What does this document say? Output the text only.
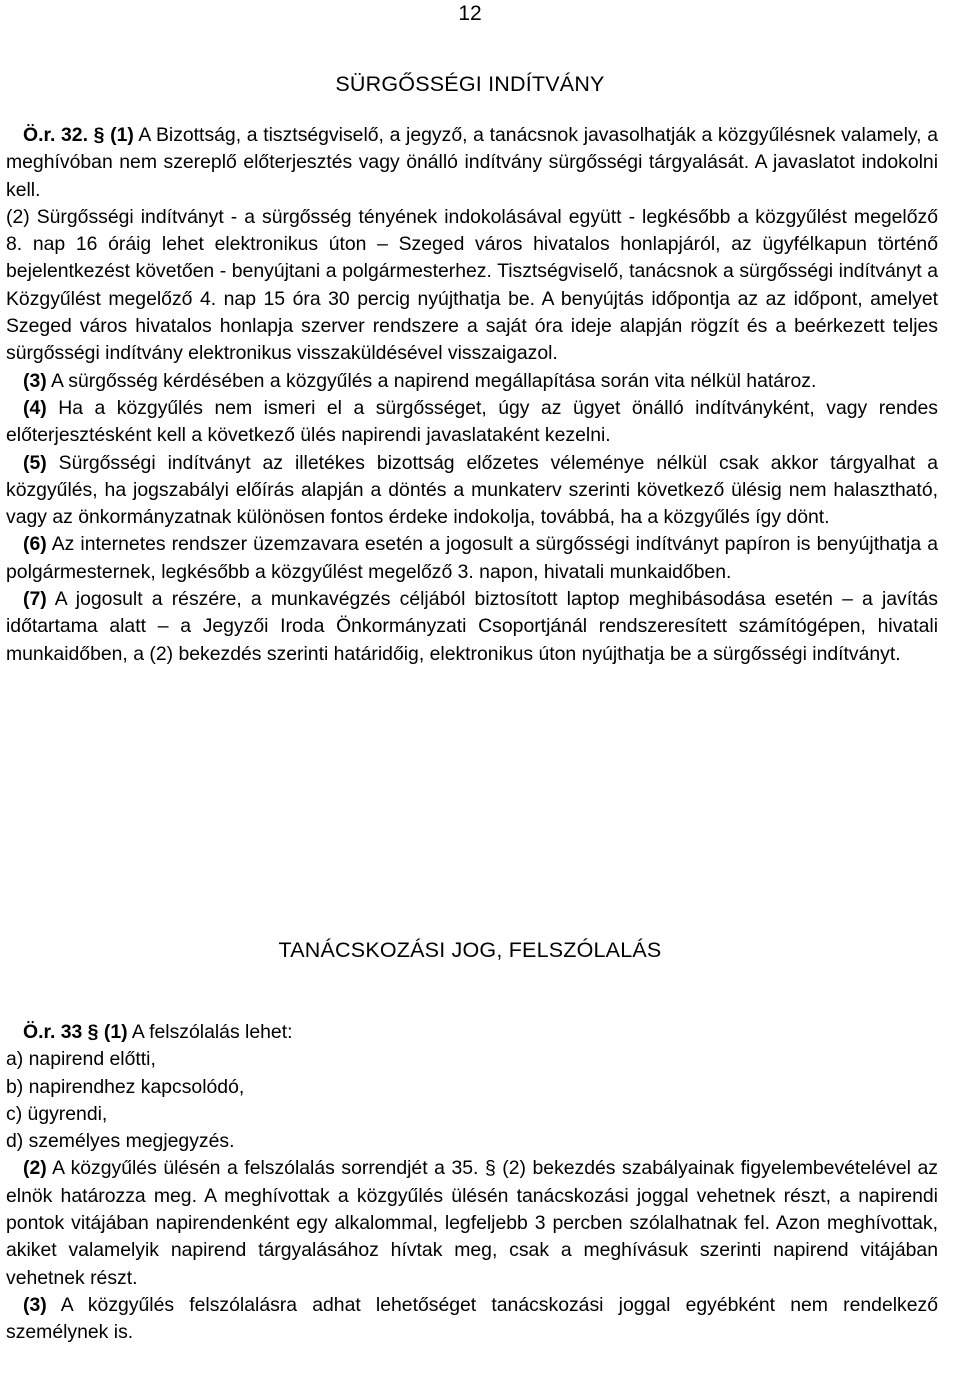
12
SÜRGŐSSÉGI INDÍTVÁNY

Ö.r. 32. § (1) A Bizottság, a tisztségviselő, a jegyző, a tanácsnok javasolhatják a közgyűlésnek valamely, a meghívóban nem szereplő előterjesztés vagy önálló indítvány sürgősségi tárgyalását. A javaslatot indokolni kell.

(2) Sürgősségi indítványt - a sürgősség tényének indokolásával együtt - legkésőbb a közgyűlést megelőző 8. nap 16 óráig lehet elektronikus úton ‒ Szeged város hivatalos honlapjáról, az ügyfélkapun történő bejelentkezést követően - benyújtani a polgármesterhez. Tisztségviselő, tanácsnok a sürgősségi indítványt a Közgyűlést megelőző 4. nap 15 óra 30 percig nyújthatja be. A benyújtás időpontja az az időpont, amelyet Szeged város hivatalos honlapja szerver rendszere a saját óra ideje alapján rögzít és a beérkezett teljes sürgősségi indítvány elektronikus visszaküldésével visszaigazol.

(3) A sürgősség kérdésében a közgyűlés a napirend megállapítása során vita nélkül határoz.

(4) Ha a közgyűlés nem ismeri el a sürgősséget, úgy az ügyet önálló indítványként, vagy rendes előterjesztésként kell a következő ülés napirendi javaslataként kezelni.

(5) Sürgősségi indítványt az illetékes bizottság előzetes véleménye nélkül csak akkor tárgyalhat a közgyűlés, ha jogszabályi előírás alapján a döntés a munkaterv szerinti következő ülésig nem halasztható, vagy az önkormányzatnak különösen fontos érdeke indokolja, továbbá, ha a közgyűlés így dönt.

(6) Az internetes rendszer üzemzavara esetén a jogosult a sürgősségi indítványt papíron is benyújthatja a polgármesternek, legkésőbb a közgyűlést megelőző 3. napon, hivatali munkaidőben.

(7) A jogosult a részére, a munkavégzés céljából biztosított laptop meghibásodása esetén ‒ a javítás időtartama alatt ‒ a Jegyzői Iroda Önkormányzati Csoportjánál rendszeresített számítógépen, hivatali munkaidőben, a (2) bekezdés szerinti határidőig, elektronikus úton nyújthatja be a sürgősségi indítványt.

TANÁCSKOZÁSI JOG, FELSZÓLALÁS

Ö.r. 33 § (1) A felszólalás lehet:

a) napirend előtti,

b) napirendhez kapcsolódó,

c) ügyrendi,

d) személyes megjegyzés.

(2) A közgyűlés ülésén a felszólalás sorrendjét a 35. § (2) bekezdés szabályainak figyelembevételével az elnök határozza meg. A meghívottak a közgyűlés ülésén tanácskozási joggal vehetnek részt, a napirendi pontok vitájában napirendenként egy alkalommal, legfeljebb 3 percben szólalhatnak fel. Azon meghívottak, akiket valamelyik napirend tárgyalásához hívtak meg, csak a meghívásuk szerinti napirend vitájában vehetnek részt.

(3) A közgyűlés felszólalásra adhat lehetőséget tanácskozási joggal egyébként nem rendelkező személynek is.
